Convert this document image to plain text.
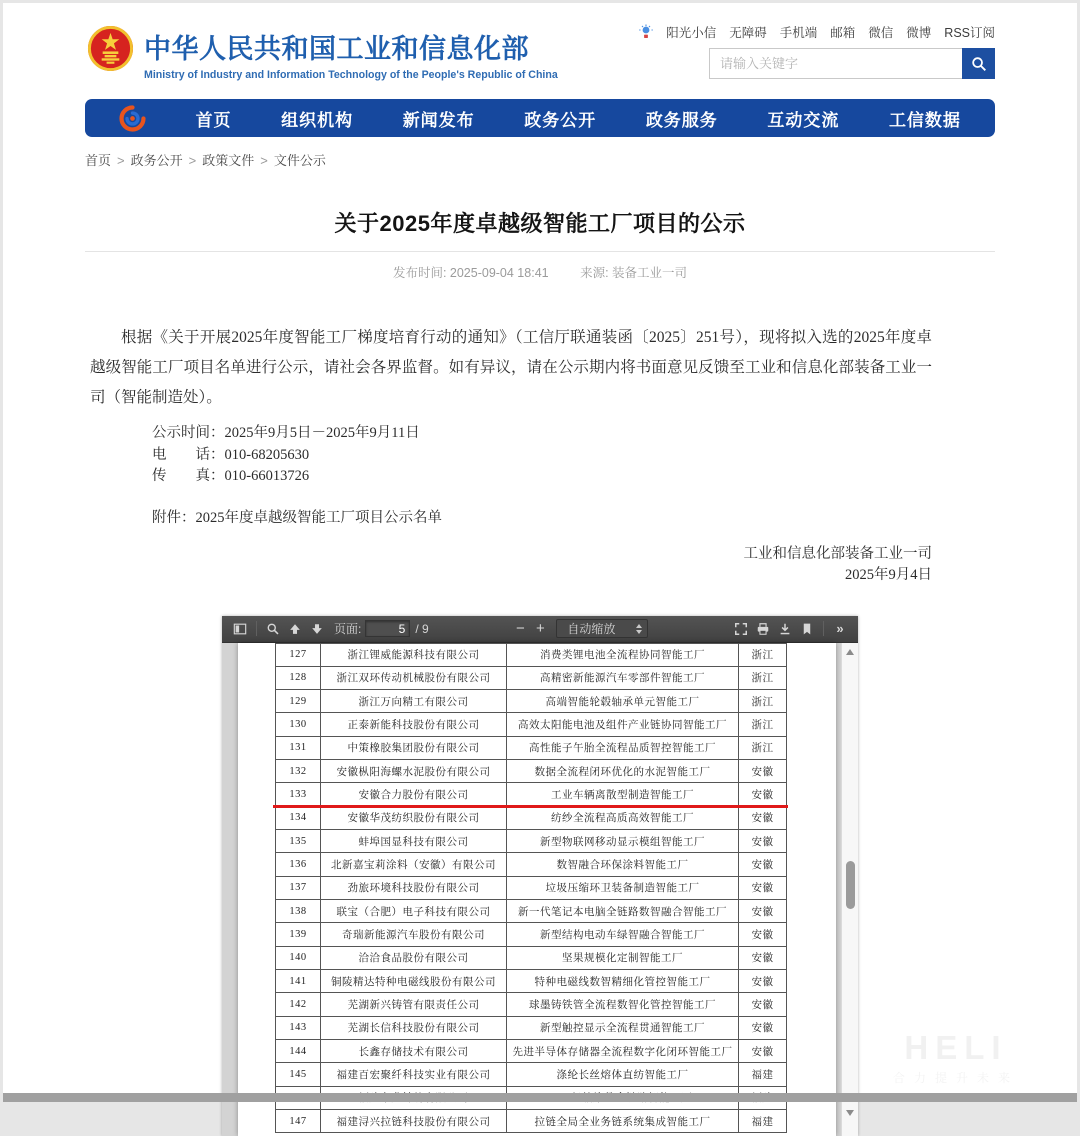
中华人民共和国工业和信息化部
Ministry of Industry and Information Technology of the People's Republic of China
阳光小信 无障碍 手机端 邮箱 微信 微博 RSS订阅
请输入关键字
首页	组织机构	新闻发布	政务公开	政务服务	互动交流	工信数据
首页 > 政务公开 > 政策文件 > 文件公示
关于2025年度卓越级智能工厂项目的公示
发布时间: 2025-09-04 18:41	来源: 装备工业一司

根据《关于开展2025年度智能工厂梯度培育行动的通知》（工信厅联通装函〔2025〕251号），现将拟入选的2025年度卓越级智能工厂项目名单进行公示，请社会各界监督。如有异议，请在公示期内将书面意见反馈至工业和信息化部装备工业一司（智能制造处）。

公示时间：2025年9月5日－2025年9月11日
电　　话：010-68205630
传　　真：010-66013726
附件：2025年度卓越级智能工厂项目公示名单
工业和信息化部装备工业一司
2025年9月4日
页面:
5	/ 9	− +	自动缩放	»
127	浙江锂威能源科技有限公司	消费类锂电池全流程协同智能工厂	浙江
128	浙江双环传动机械股份有限公司	高精密新能源汽车零部件智能工厂	浙江
129	浙江万向精工有限公司	高端智能轮毂轴承单元智能工厂	浙江
130	正泰新能科技股份有限公司	高效太阳能电池及组件产业链协同智能工厂	浙江
131	中策橡胶集团股份有限公司	高性能子午胎全流程品质智控智能工厂	浙江
132	安徽枞阳海螺水泥股份有限公司	数据全流程闭环优化的水泥智能工厂	安徽
133	安徽合力股份有限公司	工业车辆离散型制造智能工厂	安徽
134	安徽华茂纺织股份有限公司	纺纱全流程高质高效智能工厂	安徽
135	蚌埠国显科技有限公司	新型物联网移动显示模组智能工厂	安徽
136	北新嘉宝莉涂料（安徽）有限公司	数智融合环保涂料智能工厂	安徽
137	劲旅环境科技股份有限公司	垃圾压缩环卫装备制造智能工厂	安徽
138	联宝（合肥）电子科技有限公司	新一代笔记本电脑全链路数智融合智能工厂	安徽
139	奇瑞新能源汽车股份有限公司	新型结构电动车绿智融合智能工厂	安徽
140	洽洽食品股份有限公司	坚果规模化定制智能工厂	安徽
141	铜陵精达特种电磁线股份有限公司	特种电磁线数智精细化管控智能工厂	安徽
142	芜湖新兴铸管有限责任公司	球墨铸铁管全流程数智化管控智能工厂	安徽
143	芜湖长信科技股份有限公司	新型触控显示全流程贯通智能工厂	安徽
144	长鑫存储技术有限公司	先进半导体存储器全流程数字化闭环智能工厂	安徽
145	福建百宏聚纤科技实业有限公司	涤纶长丝熔体直纺智能工厂	福建

147	福建浔兴拉链科技股份有限公司	拉链全局全业务链系统集成智能工厂	福建
HELI
合力提升未来
